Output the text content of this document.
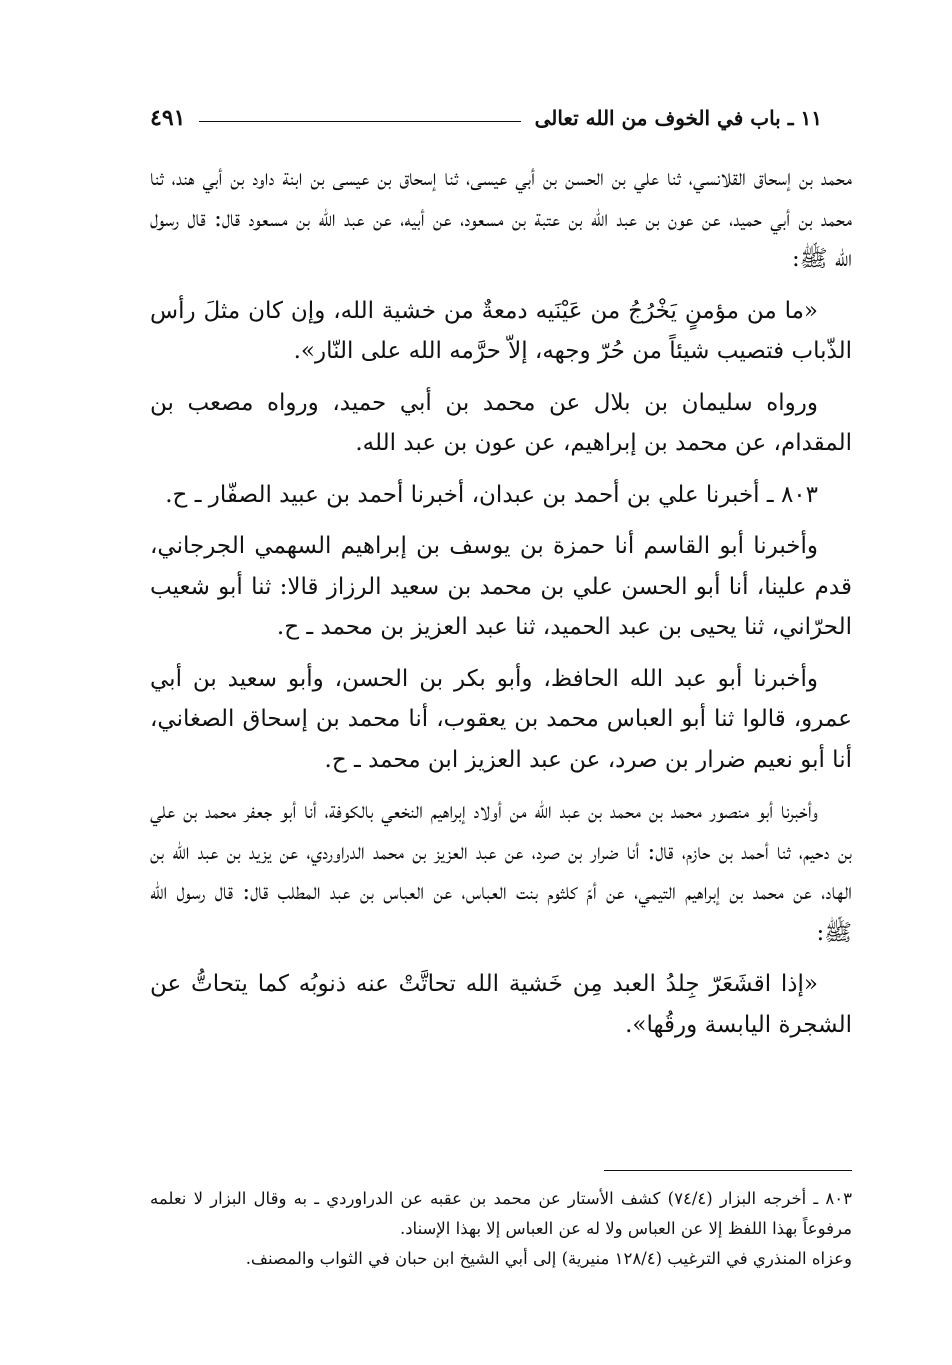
١١ ـ باب في الخوف من الله تعالى
٤٩١

محمد بن إسحاق القلانسي، ثنا علي بن الحسن بن أبي عيسى، ثنا إسحاق بن عيسى بن ابنة داود بن أبي هند، ثنا محمد بن أبي حميد، عن عون بن عبد الله بن عتبة بن مسعود، عن أبيه، عن عبد الله بن مسعود قال: قال رسول الله ﷺ:

«ما من مؤمنٍ يَخْرُجُ من عَيْنَيه دمعةٌ من خشية الله، وإن كان مثلَ رأس الذّباب فتصيب شيئاً من حُرّ وجهه، إلاّ حرَّمه الله على النّار».

ورواه سليمان بن بلال عن محمد بن أبي حميد، ورواه مصعب بن المقدام، عن محمد بن إبراهيم، عن عون بن عبد الله.

٨٠٣ ـ أخبرنا علي بن أحمد بن عبدان، أخبرنا أحمد بن عبيد الصفّار ـ ح.

وأخبرنا أبو القاسم أنا حمزة بن يوسف بن إبراهيم السهمي الجرجاني، قدم علينا، أنا أبو الحسن علي بن محمد بن سعيد الرزاز قالا: ثنا أبو شعيب الحرّاني، ثنا يحيى بن عبد الحميد، ثنا عبد العزيز بن محمد ـ ح.

وأخبرنا أبو عبد الله الحافظ، وأبو بكر بن الحسن، وأبو سعيد بن أبي عمرو، قالوا ثنا أبو العباس محمد بن يعقوب، أنا محمد بن إسحاق الصغاني، أنا أبو نعيم ضرار بن صرد، عن عبد العزيز ابن محمد ـ ح.

وأخبرنا أبو منصور محمد بن محمد بن عبد الله من أولاد إبراهيم النخعي بالكوفة، أنا أبو جعفر محمد بن علي بن دحيم، ثنا أحمد بن حازم، قال: أنا ضرار بن صرد، عن عبد العزيز بن محمد الدراوردي، عن يزيد بن عبد الله بن الهاد، عن محمد بن إبراهيم التيمي، عن أمّ كلثوم بنت العباس، عن العباس بن عبد المطلب قال: قال رسول الله ﷺ:

«إذا اقشَعَرّ جِلدُ العبد مِن خَشية الله تحاتَّتْ عنه ذنوبُه كما يتحاتُّ عن الشجرة اليابسة ورقُها».

٨٠٣ ـ أخرجه البزار (٧٤/٤) كشف الأستار عن محمد بن عقبه عن الدراوردي ـ به وقال البزار لا نعلمه مرفوعاً بهذا اللفظ إلا عن العباس ولا له عن العباس إلا بهذا الإسناد.

وعزاه المنذري في الترغيب (١٢٨/٤ منيرية) إلى أبي الشيخ ابن حبان في الثواب والمصنف.
